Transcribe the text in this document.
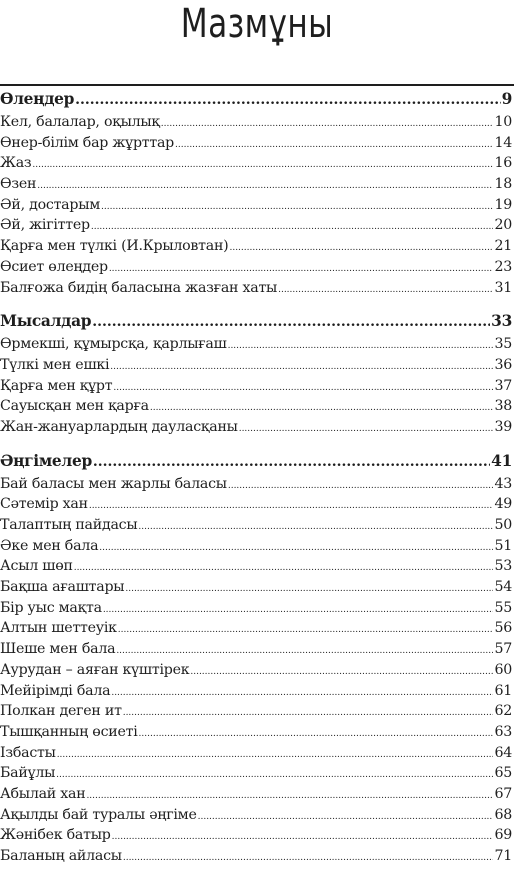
Мазмұны
Өлеңдер .....	9
Кел, балалар, оқылық .....	10
Өнер-білім бар жұрттар .....	14
Жаз .....	16
Өзен .....	18
Әй, достарым .....	19
Әй, жігіттер .....	20
Қарға мен түлкі (И.Крыловтан) .....	21
Өсиет өлеңдер .....	23
Балғожа бидің баласына жазған хаты .....	31
Мысалдар .....	33
Өрмекші, құмырсқа, қарлығаш .....	35
Түлкі мен ешкі .....	36
Қарға мен құрт .....	37
Сауысқан мен қарға .....	38
Жан-жануарлардың дауласқаны .....	39
Әңгімелер .....	41
Бай баласы мен жарлы баласы .....	43
Сәтемір хан .....	49
Талаптың пайдасы .....	50
Әке мен бала .....	51
Асыл шөп .....	53
Бақша ағаштары .....	54
Бір уыс мақта .....	55
Алтын шеттеуік .....	56
Шеше мен бала .....	57
Аурудан – аяған күштірек .....	60
Мейірімді бала .....	61
Полкан деген ит .....	62
Тышқанның өсиеті .....	63
Ізбасты .....	64
Байұлы .....	65
Абылай хан .....	67
Ақылды бай туралы әңгіме .....	68
Жәнібек батыр .....	69
Баланың айласы .....	71
